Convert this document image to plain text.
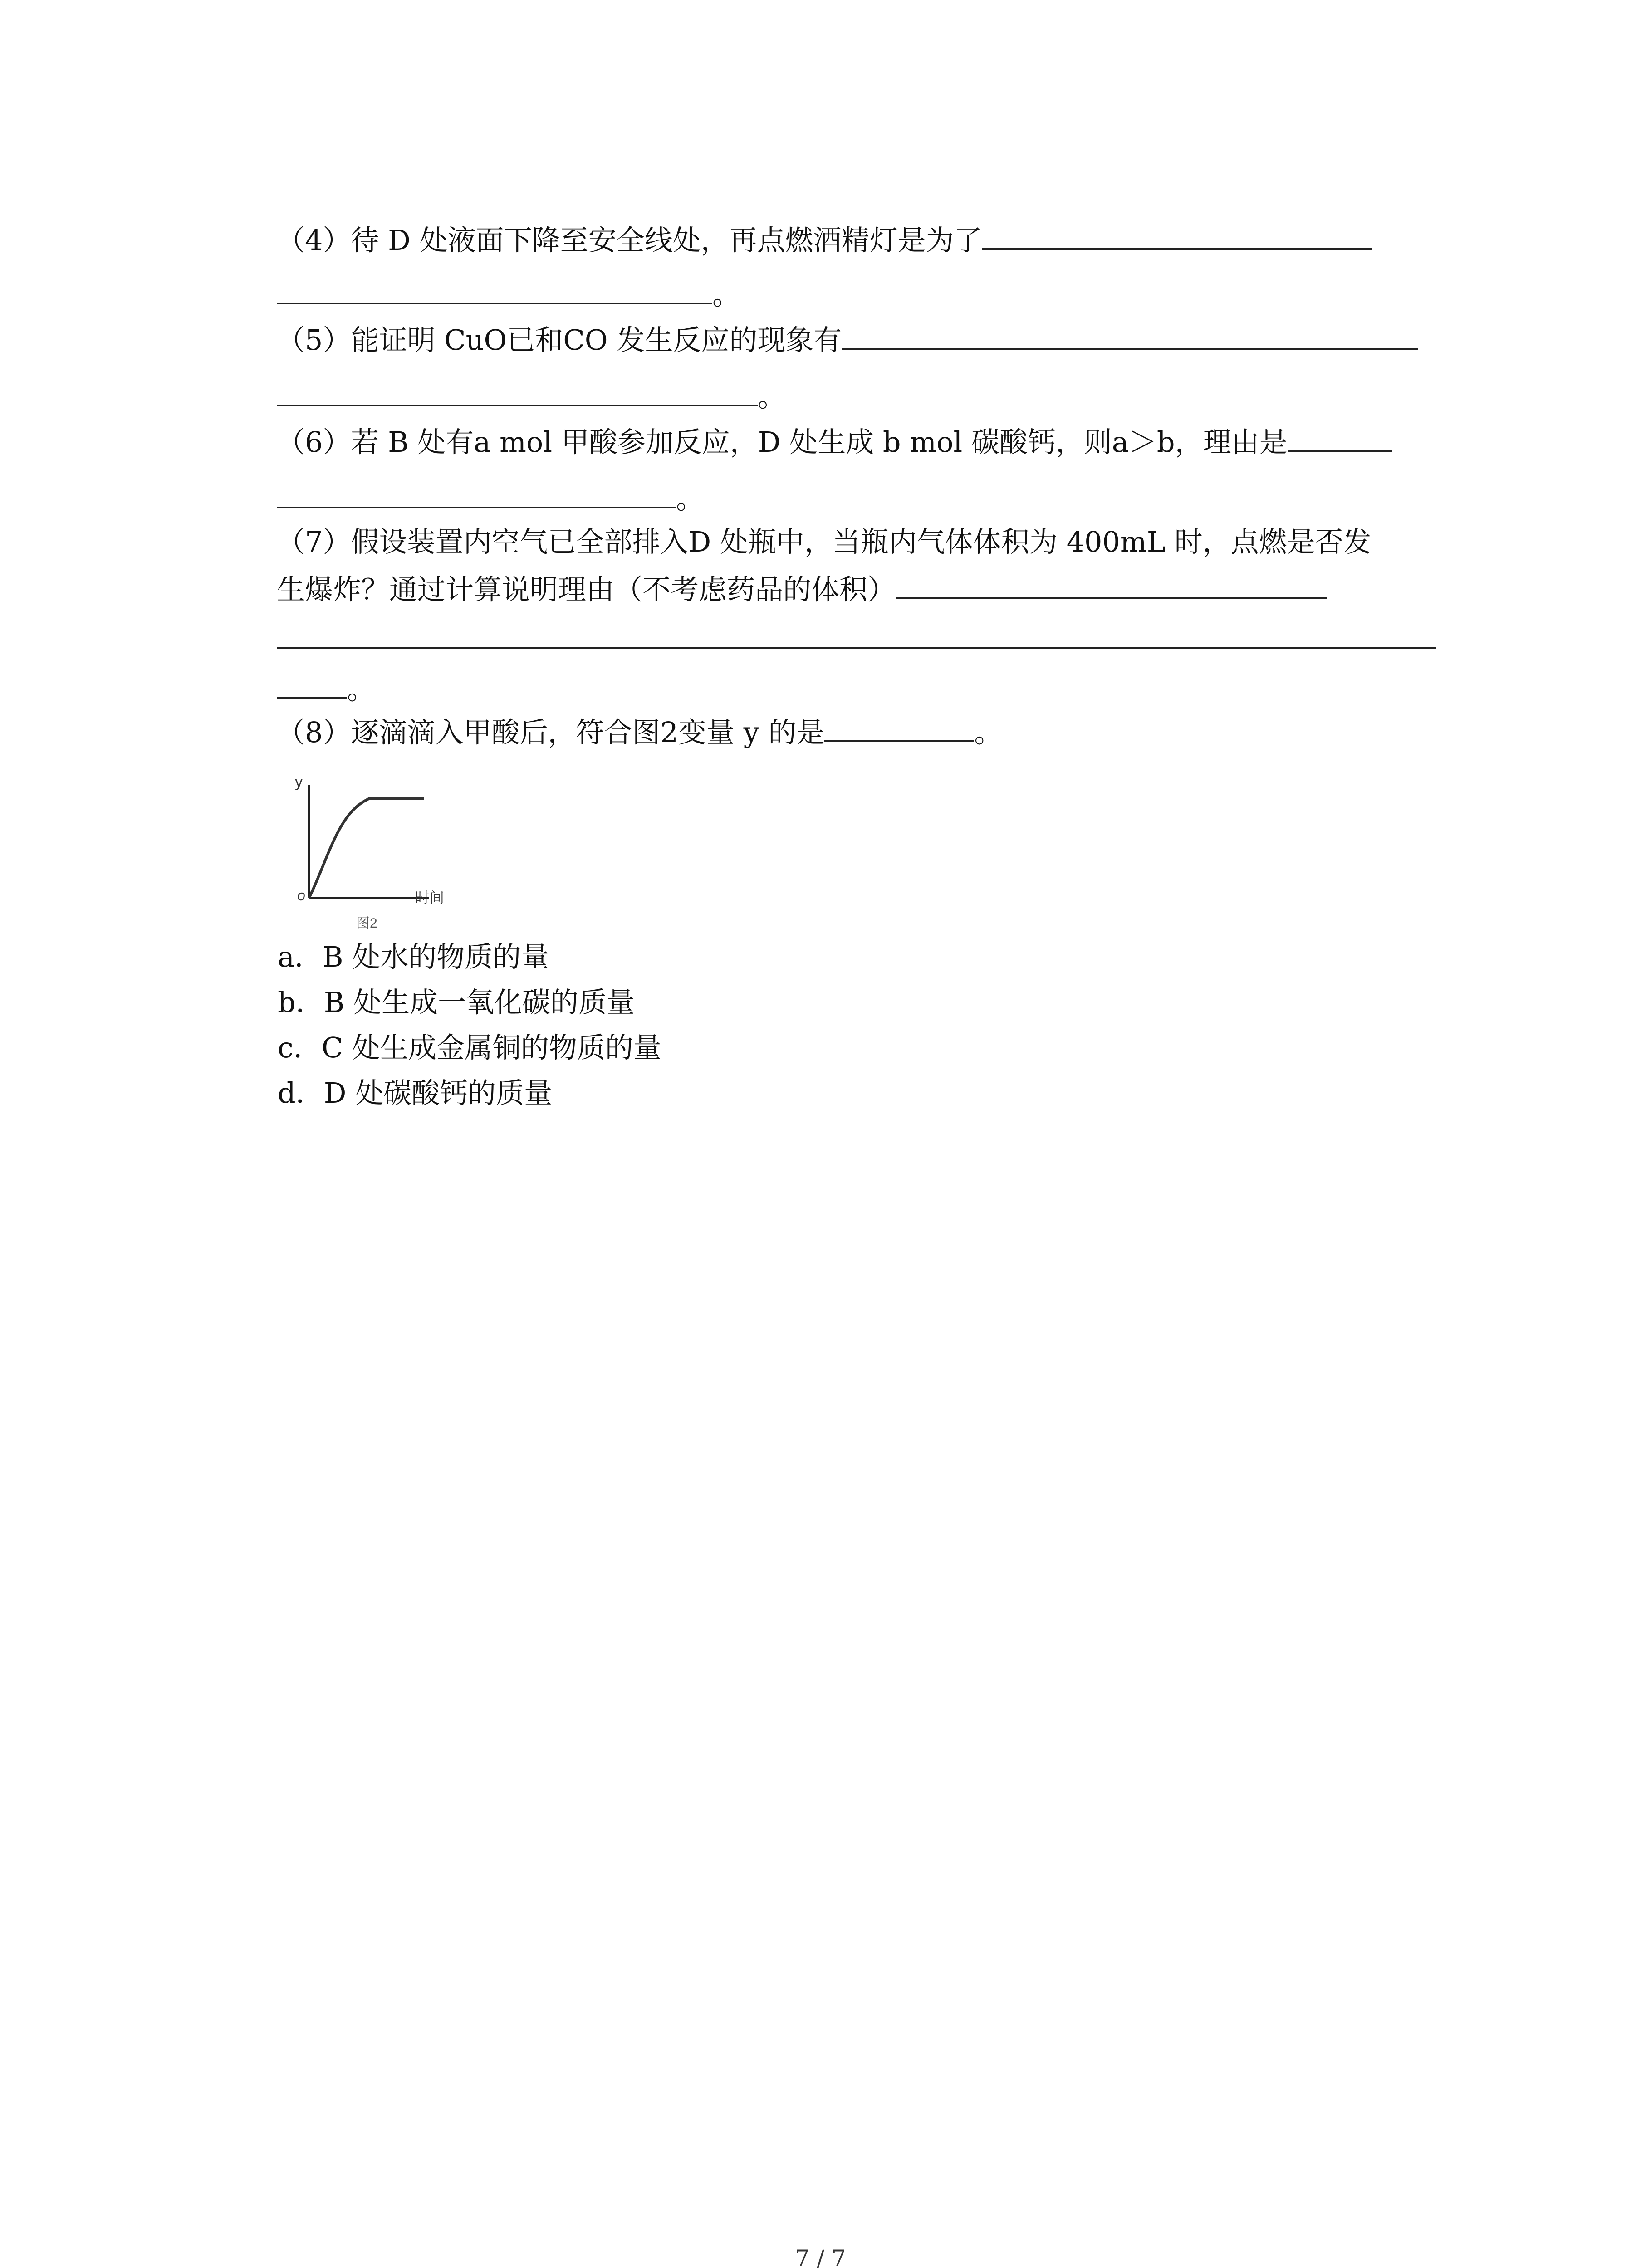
（4）待 D 处液面下降至安全线处，再点燃酒精灯是为了
。
（5）能证明 CuO已和CO 发生反应的现象有
。
（6）若 B 处有a mol 甲酸参加反应，D 处生成 b mol 碳酸钙，则a＞b，理由是
。
（7）假设装置内空气已全部排入D 处瓶中，当瓶内气体体积为 400mL 时，点燃是否发
生爆炸？通过计算说明理由（不考虑药品的体积）
。
（8）逐滴滴入甲酸后，符合图2变量 y 的是	。
y
o	时间
图2
a．B 处水的物质的量
b．B 处生成一氧化碳的质量
c．C 处生成金属铜的物质的量
d．D 处碳酸钙的质量
7 / 7
